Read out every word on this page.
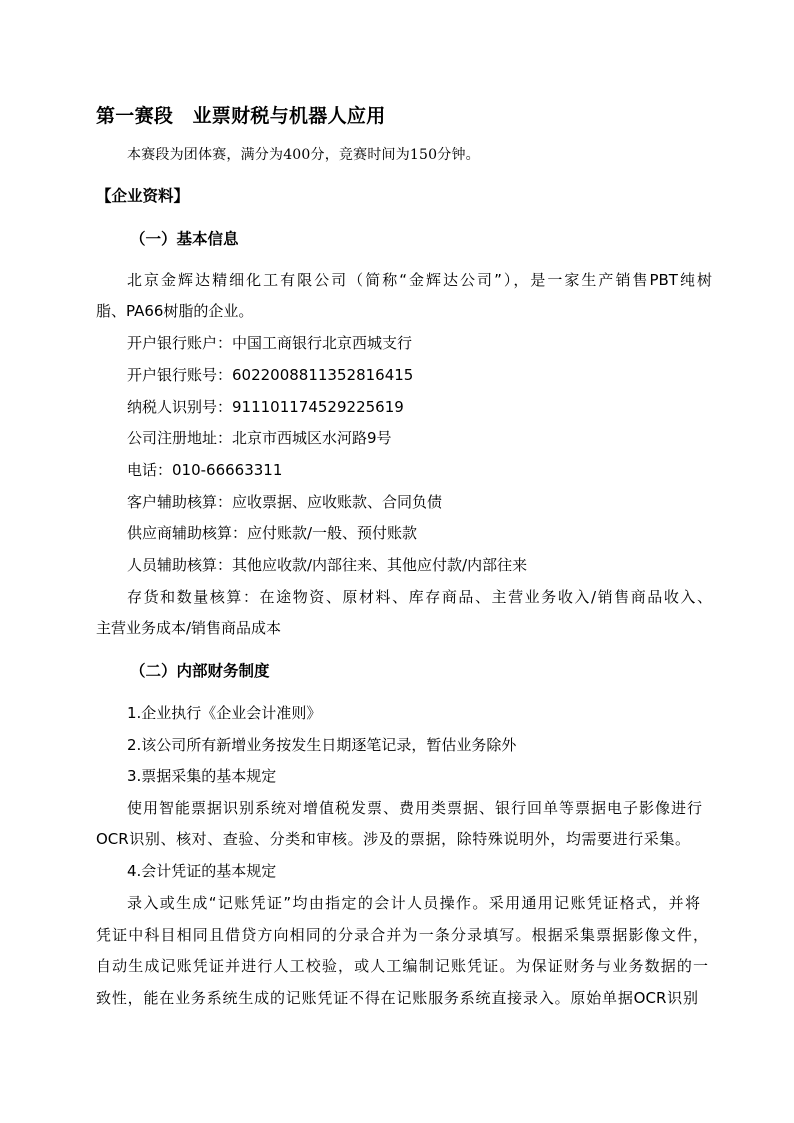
第一赛段　业票财税与机器人应用
本赛段为团体赛，满分为400分，竞赛时间为150分钟。
【企业资料】
（一）基本信息
北京金辉达精细化工有限公司（简称“金辉达公司”），是一家生产销售PBT纯树
脂、PA66树脂的企业。
开户银行账户：中国工商银行北京西城支行
开户银行账号：6022008811352816415
纳税人识别号：911101174529225619
公司注册地址：北京市西城区水河路9号
电话：010-66663311
客户辅助核算：应收票据、应收账款、合同负债
供应商辅助核算：应付账款/一般、预付账款
人员辅助核算：其他应收款/内部往来、其他应付款/内部往来
存货和数量核算：在途物资、原材料、库存商品、主营业务收入/销售商品收入、
主营业务成本/销售商品成本
（二）内部财务制度
1.企业执行《企业会计准则》
2.该公司所有新增业务按发生日期逐笔记录，暂估业务除外
3.票据采集的基本规定
使用智能票据识别系统对增值税发票、费用类票据、银行回单等票据电子影像进行
OCR识别、核对、查验、分类和审核。涉及的票据，除特殊说明外，均需要进行采集。
4.会计凭证的基本规定
录入或生成“记账凭证”均由指定的会计人员操作。采用通用记账凭证格式，并将
凭证中科目相同且借贷方向相同的分录合并为一条分录填写。根据采集票据影像文件，
自动生成记账凭证并进行人工校验，或人工编制记账凭证。为保证财务与业务数据的一
致性，能在业务系统生成的记账凭证不得在记账服务系统直接录入。原始单据OCR识别
